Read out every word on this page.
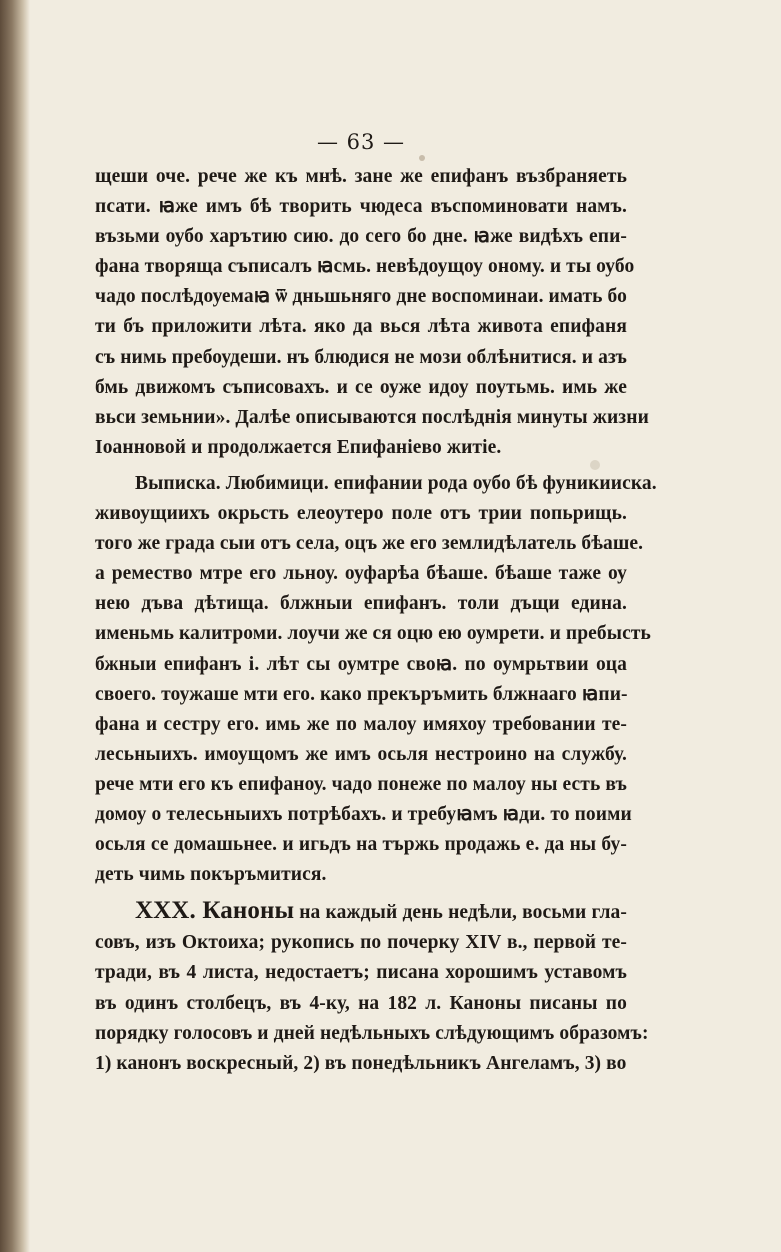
— 63 —

щеши оче. рече же къ мнѣ. зане же епифанъ възбраняеть
псати. ꙗже имъ бѣ творить чюдеса въспоминовати намъ.
възьми оубо харътию сию. до сего бо дне. ꙗже видѣхъ епи-
фана творяща съписалъ ꙗсмь. невѣдоущоу оному. и ты оубо
чадо послѣдоуемаꙗ ѿ дньшьняго дне воспоминаи. имать бо
ти бъ приложити лѣта. яко да вься лѣта живота епифаня
съ нимь пребоудеши. нъ блюдися не мози облѣнитися. и азъ
бмь движомъ съписовахъ. и се оуже идоу поутьмь. имь же
вьси земьнии». Далѣе описываются послѣднія минуты жизни
Іоанновой и продолжается Епифаніево житіе.

Выписка. Любимици. епифании рода оубо бѣ фуникииска.
живоущиихъ окрьсть елеоутеро поле отъ трии попьрищь.
того же града сыи отъ села, оцъ же его землидѣлатель бѣаше.
а ремество мтре его льноу. оуфарѣа бѣаше. бѣаше таже оу
нею дъва дѣтища. блжныи епифанъ. толи дъщи едина.
именьмь калитроми. лоучи же ся оцю ею оумрети. и пребысть
бжныи епифанъ і. лѣт сы оумтре своꙗ. по оумрьтвии оца
своего. тоужаше мти его. како прекъръмить блжнааго ꙗпи-
фана и сестру его. имь же по малоу имяхоу требовании те-
лесьныихъ. имоущомъ же имъ осьля нестроино на службу.
рече мти его къ епифаноу. чадо понеже по малоу ны есть въ
домоу о телесьныихъ потрѣбахъ. и требуꙗмъ ꙗди. то поими
осьля се домашьнее. и игьдъ на тържь продажь е. да ны бу-
деть чимь покъръмитися.

XXX. Каноны на каждый день недѣли, восьми гла-
совъ, изъ Октоиха; рукопись по почерку XIV в., первой те-
тради, въ 4 листа, недостаетъ; писана хорошимъ уставомъ
въ одинъ столбецъ, въ 4-ку, на 182 л. Каноны писаны по
порядку голосовъ и дней недѣльныхъ слѣдующимъ образомъ:
1) канонъ воскресный, 2) въ понедѣльникъ Ангеламъ, 3) во
